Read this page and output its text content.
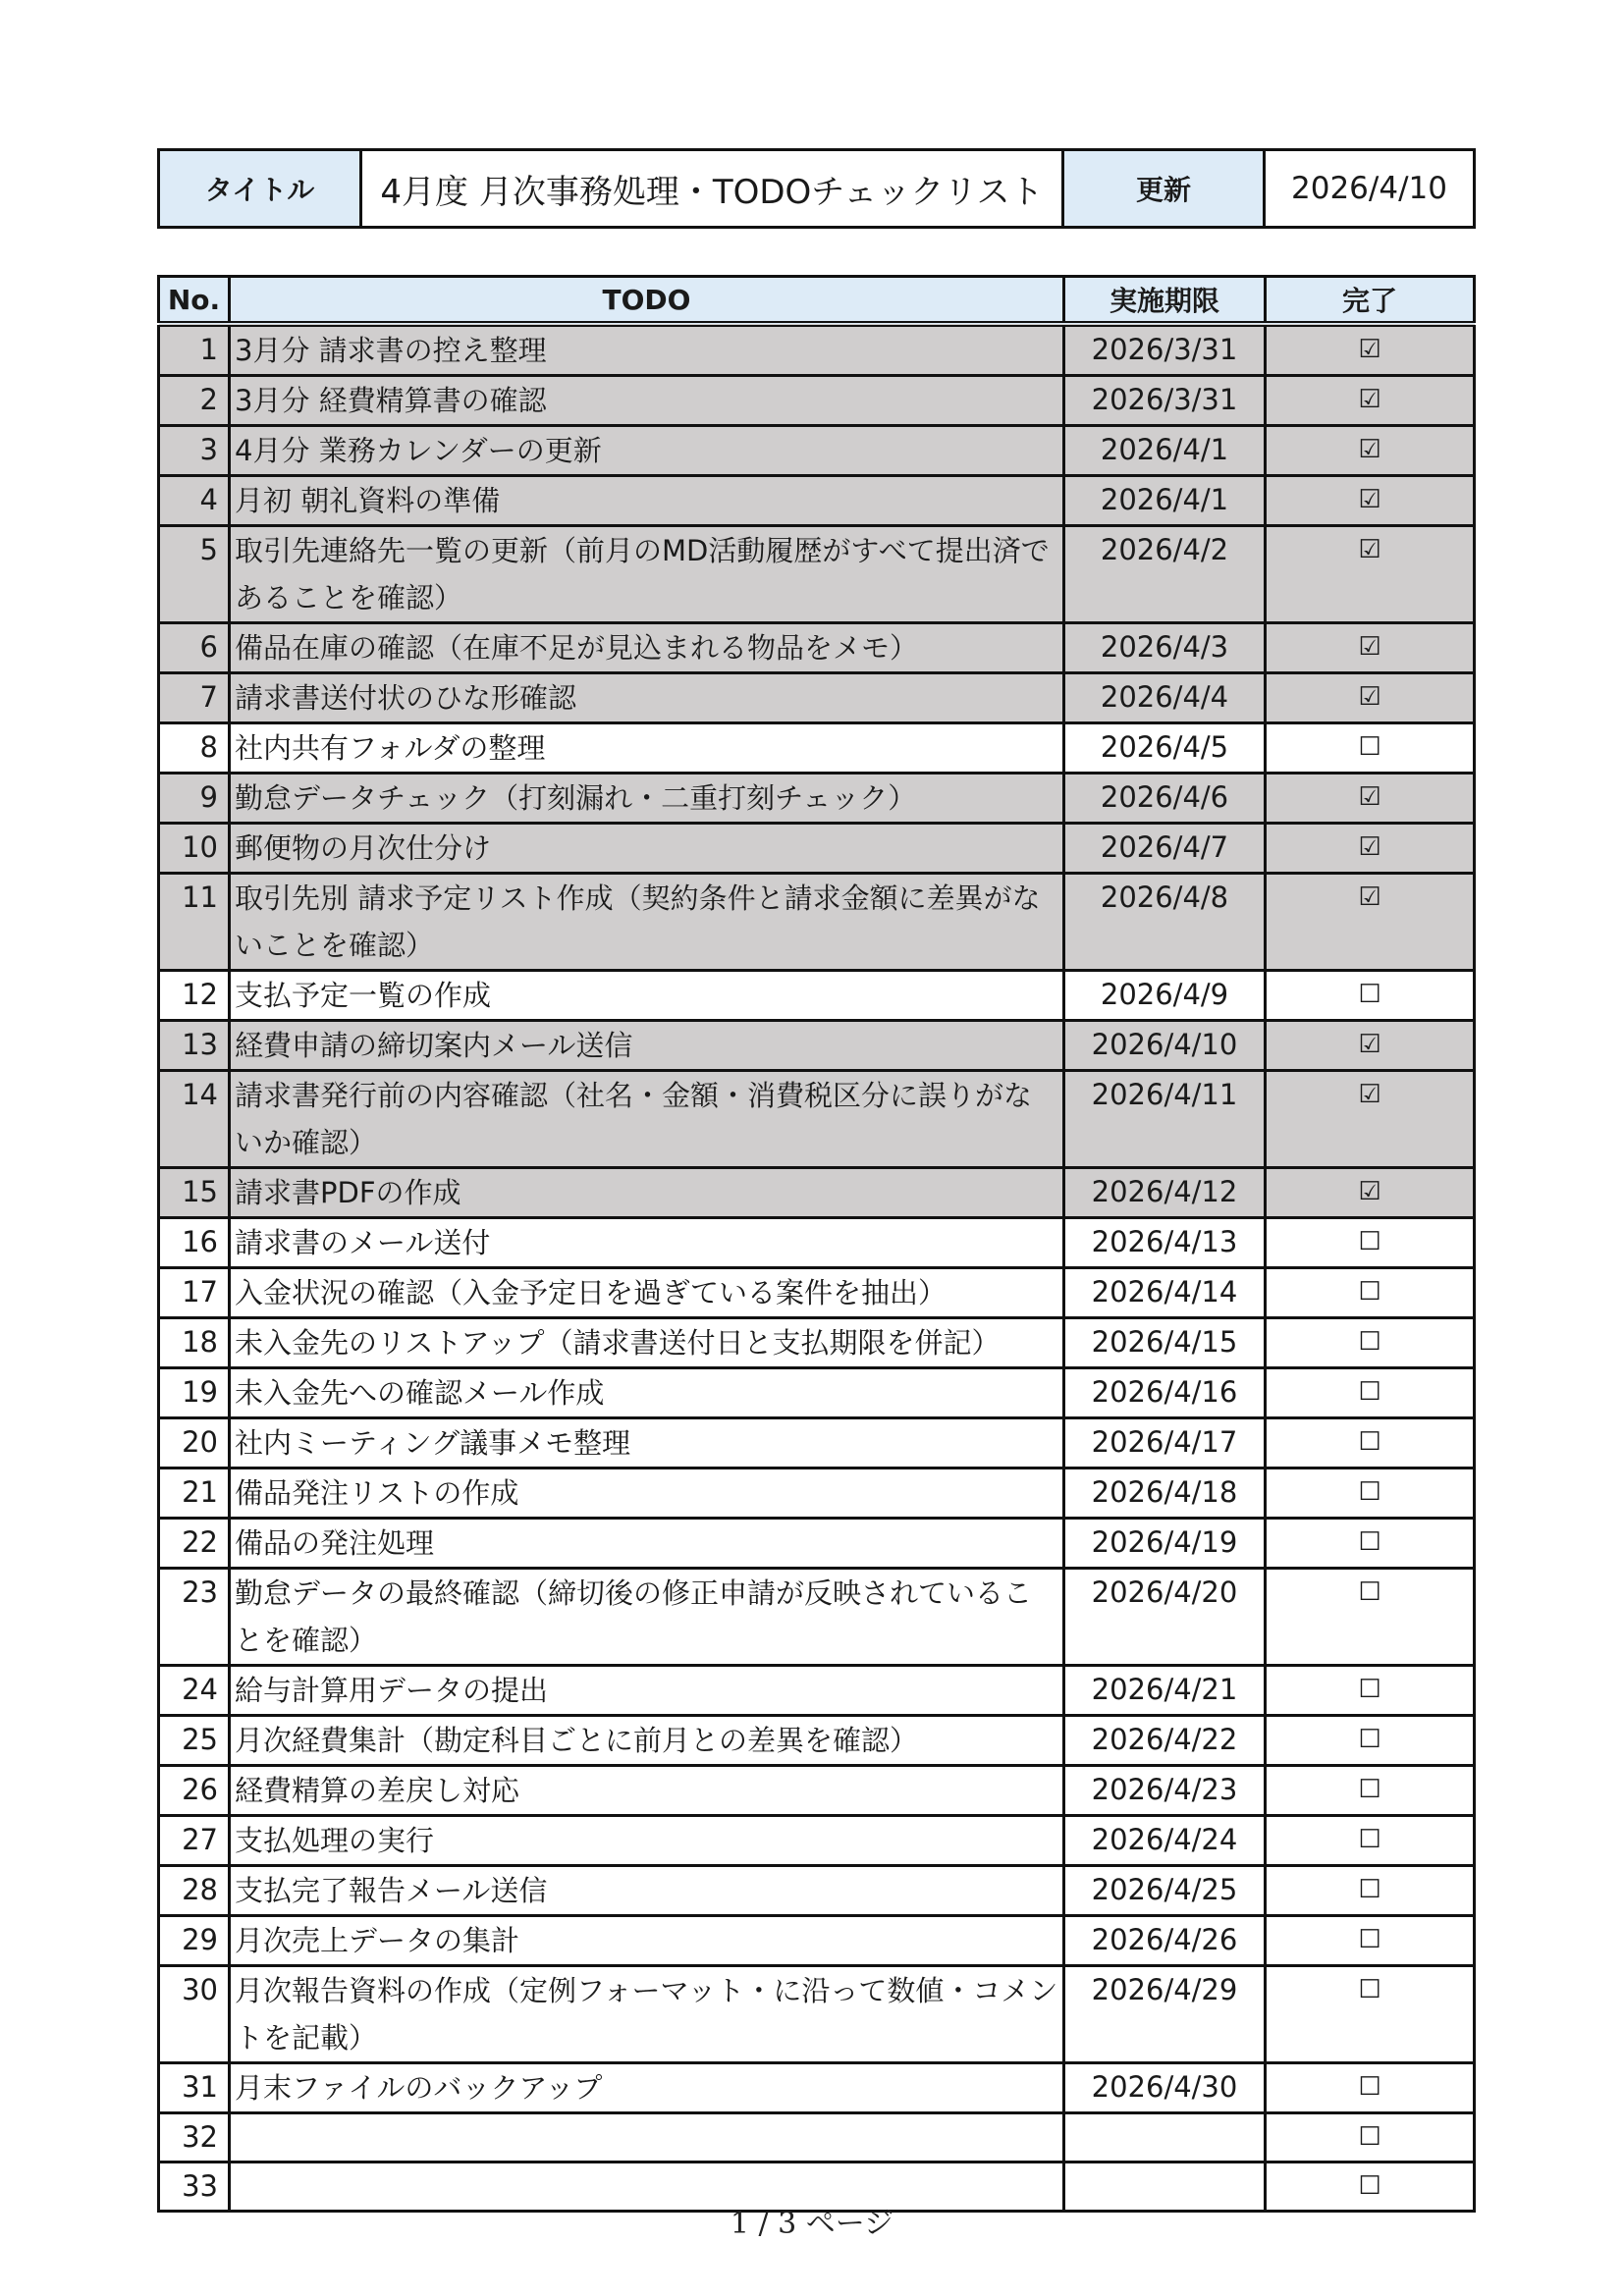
タイトル	4月度 月次事務処理・TODOチェックリスト	更新	2026/4/10
No.	TODO	実施期限	完了
1	3月分 請求書の控え整理	2026/3/31	☑
2	3月分 経費精算書の確認	2026/3/31	☑
3	4月分 業務カレンダーの更新	2026/4/1	☑
4	月初 朝礼資料の準備	2026/4/1	☑
5	取引先連絡先一覧の更新（前月のMD活動履歴がすべて提出済であることを確認）	2026/4/2	☑
6	備品在庫の確認（在庫不足が見込まれる物品をメモ）	2026/4/3	☑
7	請求書送付状のひな形確認	2026/4/4	☑
8	社内共有フォルダの整理	2026/4/5	☐
9	勤怠データチェック（打刻漏れ・二重打刻チェック）	2026/4/6	☑
10	郵便物の月次仕分け	2026/4/7	☑
11	取引先別 請求予定リスト作成（契約条件と請求金額に差異がないことを確認）	2026/4/8	☑
12	支払予定一覧の作成	2026/4/9	☐
13	経費申請の締切案内メール送信	2026/4/10	☑
14	請求書発行前の内容確認（社名・金額・消費税区分に誤りがないか確認）	2026/4/11	☑
15	請求書PDFの作成	2026/4/12	☑
16	請求書のメール送付	2026/4/13	☐
17	入金状況の確認（入金予定日を過ぎている案件を抽出）	2026/4/14	☐
18	未入金先のリストアップ（請求書送付日と支払期限を併記）	2026/4/15	☐
19	未入金先への確認メール作成	2026/4/16	☐
20	社内ミーティング議事メモ整理	2026/4/17	☐
21	備品発注リストの作成	2026/4/18	☐
22	備品の発注処理	2026/4/19	☐
23	勤怠データの最終確認（締切後の修正申請が反映されていることを確認）	2026/4/20	☐
24	給与計算用データの提出	2026/4/21	☐
25	月次経費集計（勘定科目ごとに前月との差異を確認）	2026/4/22	☐
26	経費精算の差戻し対応	2026/4/23	☐
27	支払処理の実行	2026/4/24	☐
28	支払完了報告メール送信	2026/4/25	☐
29	月次売上データの集計	2026/4/26	☐
30	月次報告資料の作成（定例フォーマット・に沿って数値・コメントを記載）	2026/4/29	☐
31	月末ファイルのバックアップ	2026/4/30	☐
32			☐
33			☐
1 / 3 ページ
